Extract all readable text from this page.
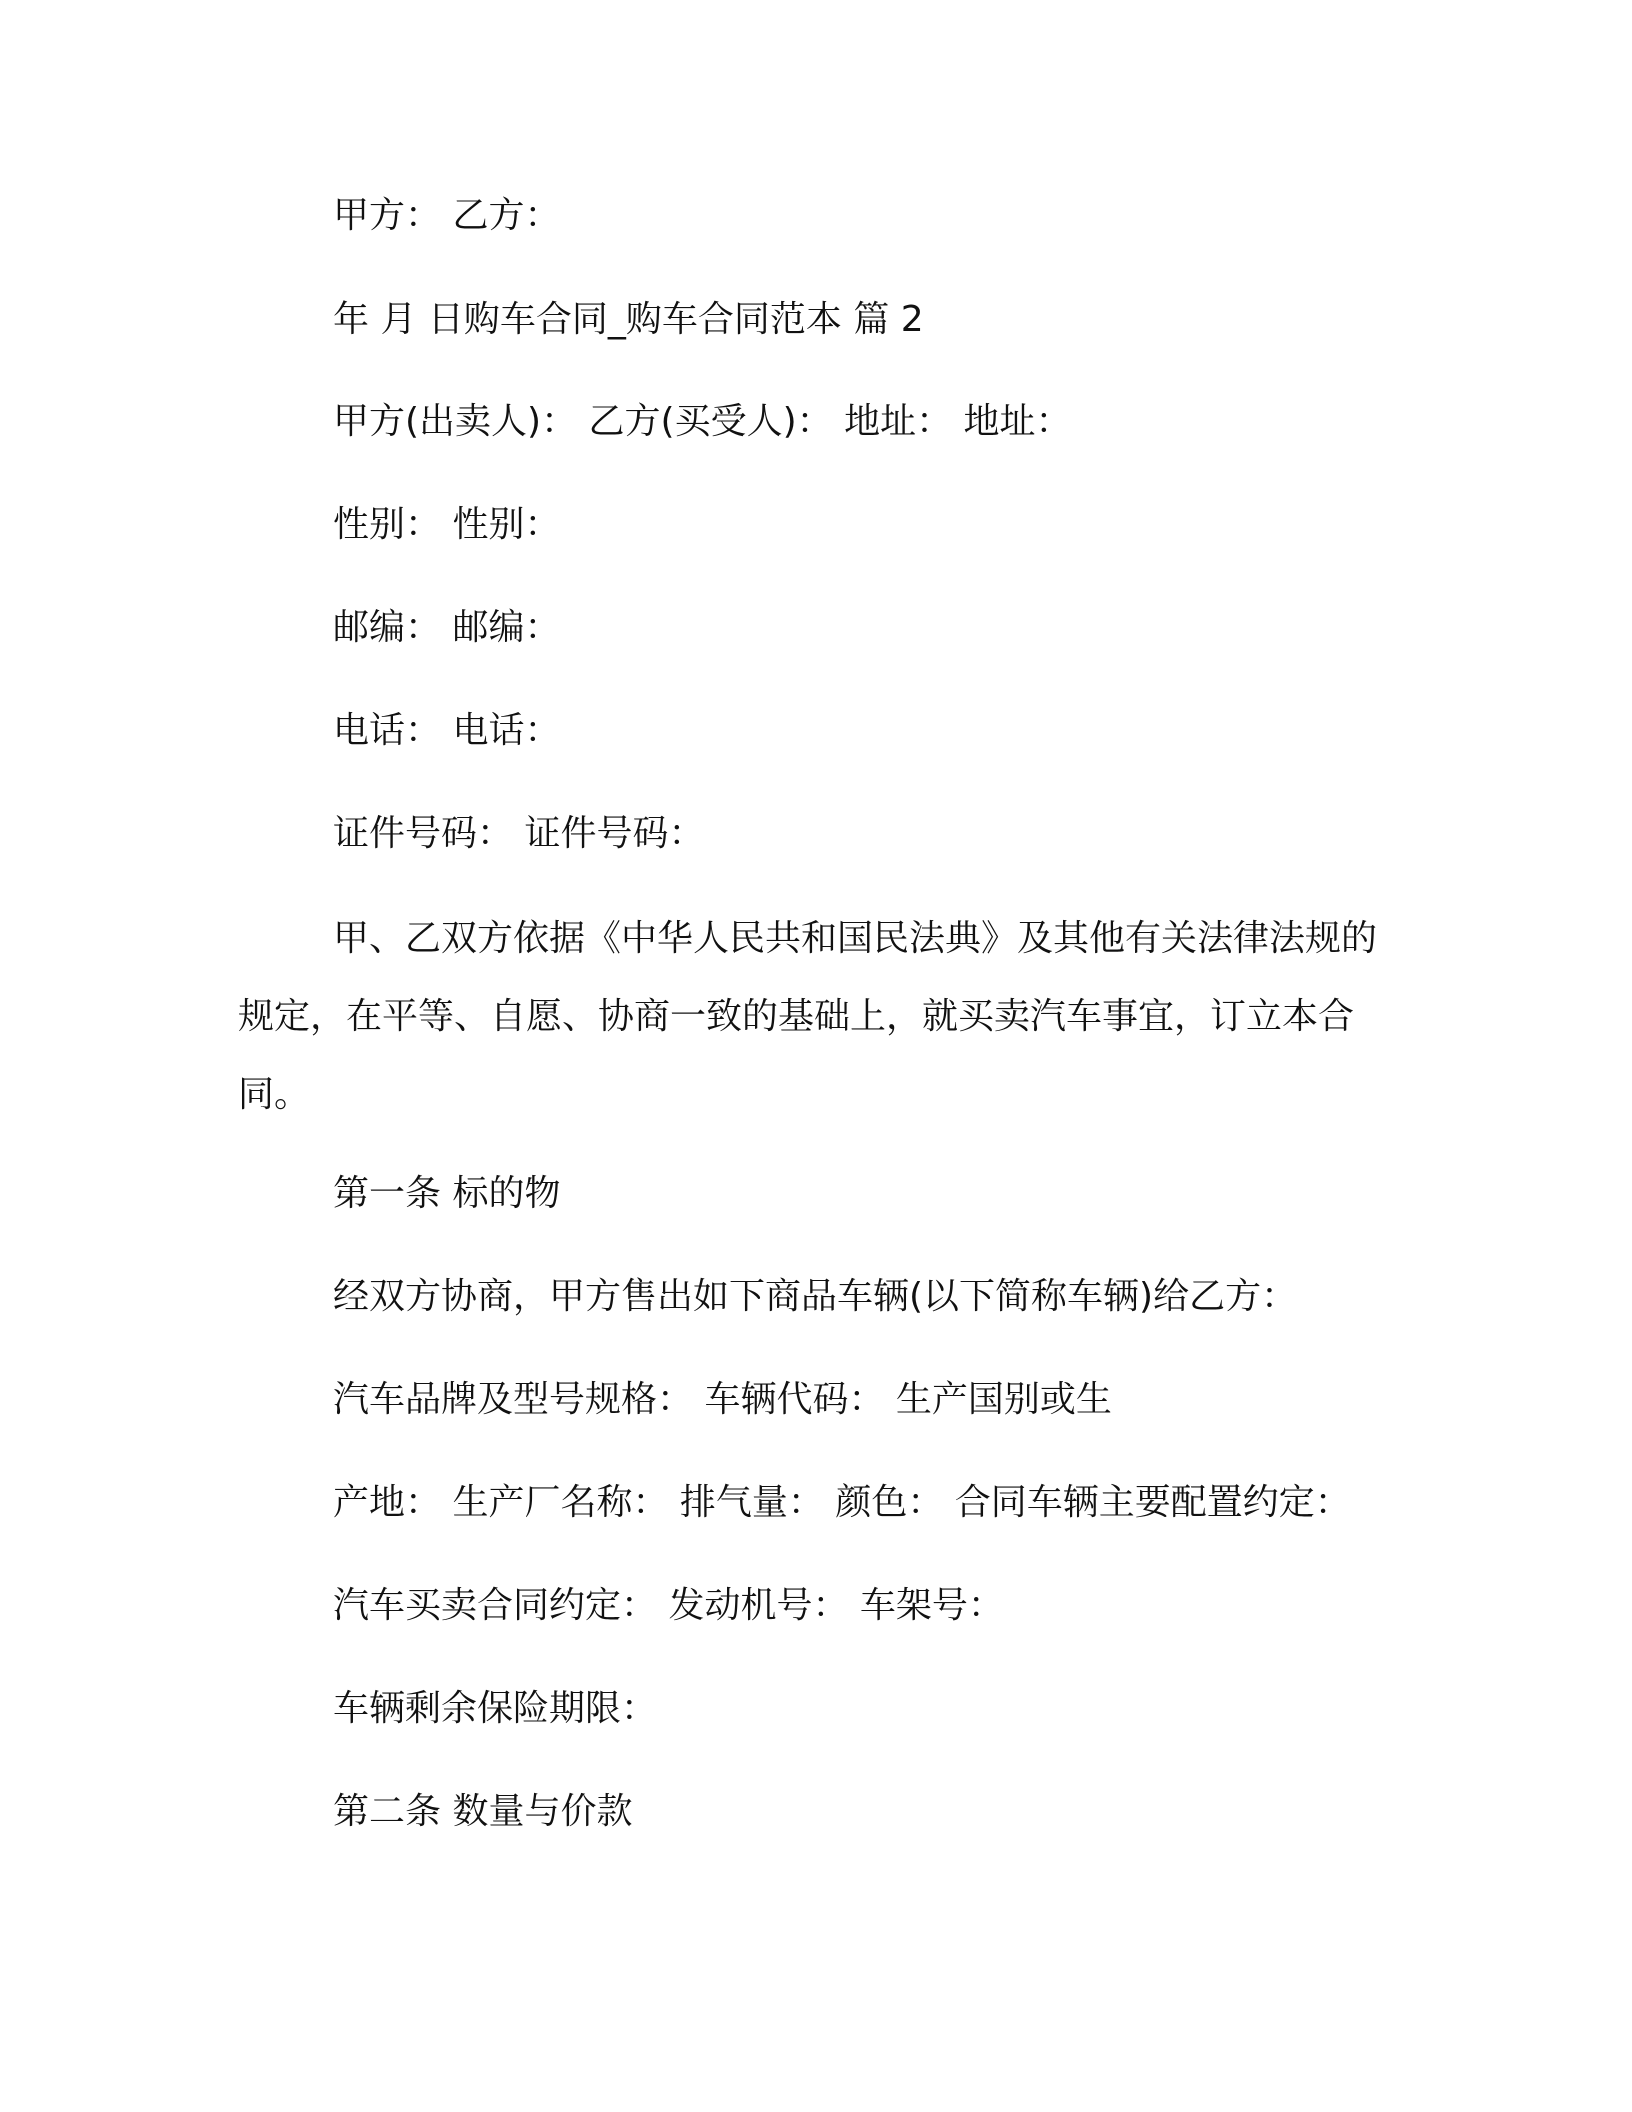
甲方： 乙方：
年 月 日购车合同_购车合同范本 篇 2
甲方(出卖人)： 乙方(买受人)： 地址： 地址：
性别： 性别：
邮编： 邮编：
电话： 电话：
证件号码： 证件号码：

甲、乙双方依据《中华人民共和国民法典》及其他有关法律法规的规定，在平等、自愿、协商一致的基础上，就买卖汽车事宜，订立本合同。

第一条 标的物
经双方协商，甲方售出如下商品车辆(以下简称车辆)给乙方：
汽车品牌及型号规格： 车辆代码： 生产国别或生
产地： 生产厂名称： 排气量： 颜色： 合同车辆主要配置约定：
汽车买卖合同约定： 发动机号： 车架号：
车辆剩余保险期限：
第二条 数量与价款
